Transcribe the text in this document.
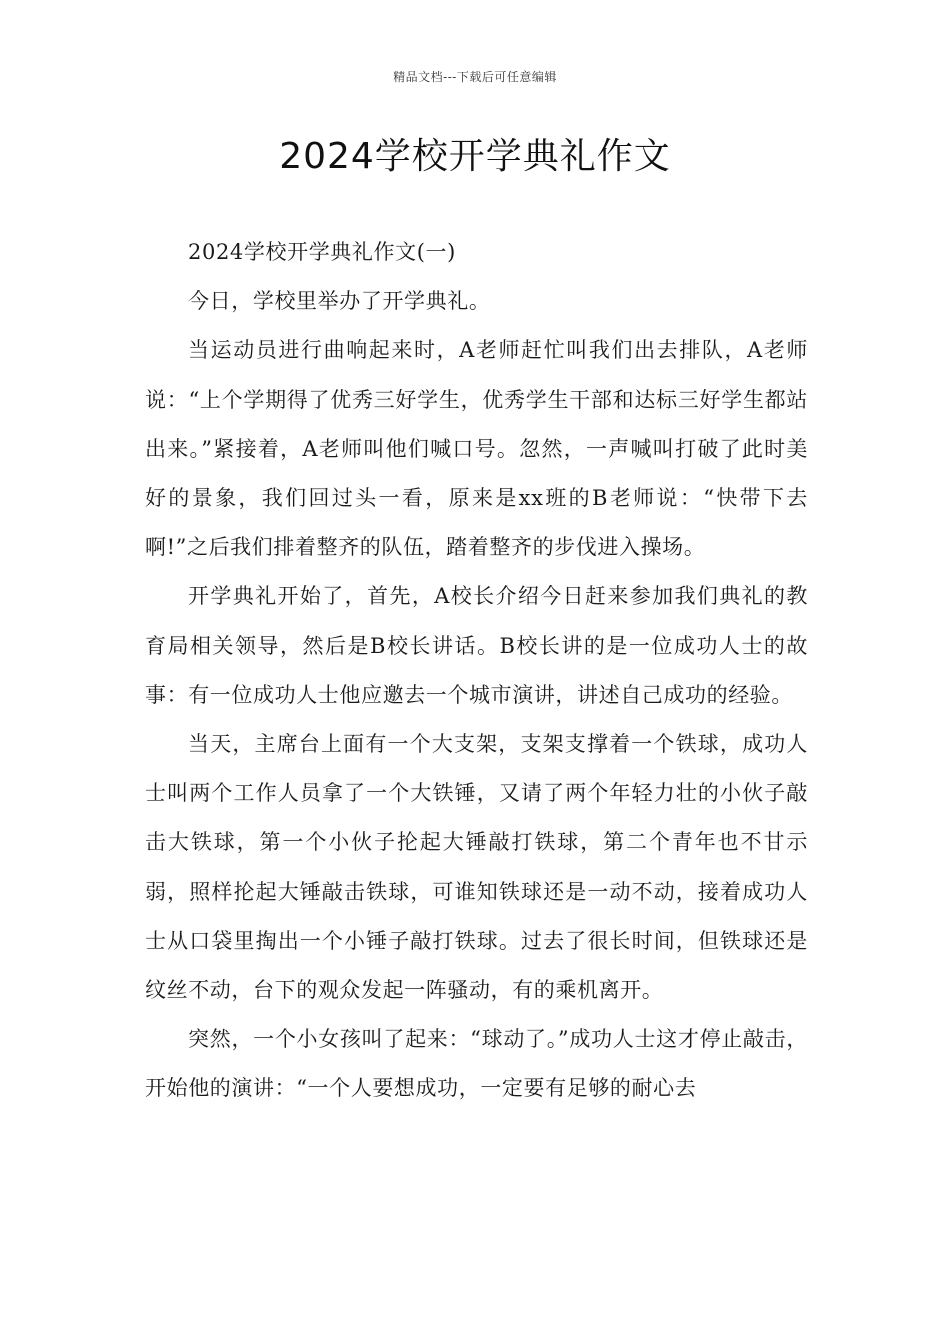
精品文档---下载后可任意编辑
2024学校开学典礼作文

2024学校开学典礼作文(一)

今日，学校里举办了开学典礼。

当运动员进行曲响起来时，A老师赶忙叫我们出去排队，A老师说：“上个学期得了优秀三好学生，优秀学生干部和达标三好学生都站出来。”紧接着，A老师叫他们喊口号。忽然，一声喊叫打破了此时美好的景象，我们回过头一看，原来是xx班的B老师说：“快带下去啊!”之后我们排着整齐的队伍，踏着整齐的步伐进入操场。

开学典礼开始了，首先，A校长介绍今日赶来参加我们典礼的教育局相关领导，然后是B校长讲话。B校长讲的是一位成功人士的故事：有一位成功人士他应邀去一个城市演讲，讲述自己成功的经验。

当天，主席台上面有一个大支架，支架支撑着一个铁球，成功人士叫两个工作人员拿了一个大铁锤，又请了两个年轻力壮的小伙子敲击大铁球，第一个小伙子抡起大锤敲打铁球，第二个青年也不甘示弱，照样抡起大锤敲击铁球，可谁知铁球还是一动不动，接着成功人士从口袋里掏出一个小锤子敲打铁球。过去了很长时间，但铁球还是纹丝不动，台下的观众发起一阵骚动，有的乘机离开。

突然，一个小女孩叫了起来：“球动了。”成功人士这才停止敲击，开始他的演讲：“一个人要想成功，一定要有足够的耐心去
